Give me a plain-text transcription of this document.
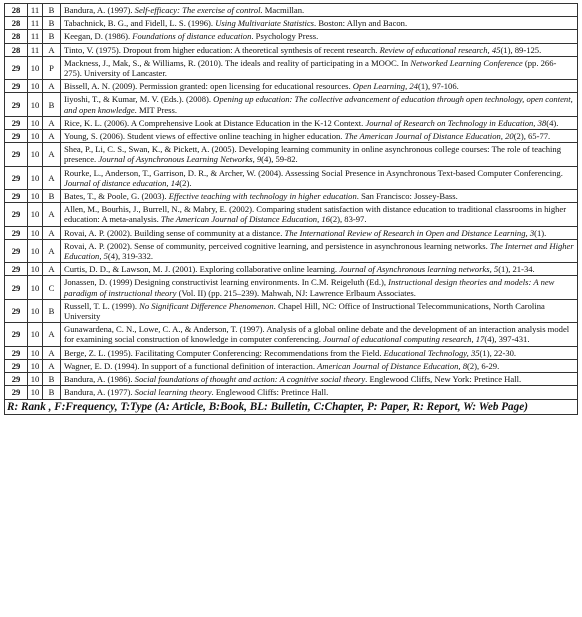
28	11	B	Bandura, A. (1997). Self-efficacy: The exercise of control. Macmillan.
28	11	B	Tabachnick, B. G., and Fidell, L. S. (1996). Using Multivariate Statistics. Boston: Allyn and Bacon.
28	11	B	Keegan, D. (1986). Foundations of distance education. Psychology Press.
28	11	A	Tinto, V. (1975). Dropout from higher education: A theoretical synthesis of recent research. Review of educational research, 45(1), 89-125.
29	10	P	Mackness, J., Mak, S., & Williams, R. (2010). The ideals and reality of participating in a MOOC. In Networked Learning Conference (pp. 266-275). University of Lancaster.
29	10	A	Bissell, A. N. (2009). Permission granted: open licensing for educational resources. Open Learning, 24(1), 97-106.
29	10	B	Iiyoshi, T., & Kumar, M. V. (Eds.). (2008). Opening up education: The collective advancement of education through open technology, open content, and open knowledge. MIT Press.
29	10	A	Rice, K. L. (2006). A Comprehensive Look at Distance Education in the K-12 Context. Journal of Research on Technology in Education, 38(4).
29	10	A	Young, S. (2006). Student views of effective online teaching in higher education. The American Journal of Distance Education, 20(2), 65-77.
29	10	A	Shea, P., Li, C. S., Swan, K., & Pickett, A. (2005). Developing learning community in online asynchronous college courses: The role of teaching presence. Journal of Asynchronous Learning Networks, 9(4), 59-82.
29	10	A	Rourke, L., Anderson, T., Garrison, D. R., & Archer, W. (2004). Assessing Social Presence in Asynchronous Text-based Computer Conferencing. Journal of distance education, 14(2).
29	10	B	Bates, T., & Poole, G. (2003). Effective teaching with technology in higher education. San Francisco: Jossey-Bass.
29	10	A	Allen, M., Bourhis, J., Burrell, N., & Mabry, E. (2002). Comparing student satisfaction with distance education to traditional classrooms in higher education: A meta-analysis. The American Journal of Distance Education, 16(2), 83-97.
29	10	A	Rovai, A. P. (2002). Building sense of community at a distance. The International Review of Research in Open and Distance Learning, 3(1).
29	10	A	Rovai, A. P. (2002). Sense of community, perceived cognitive learning, and persistence in asynchronous learning networks. The Internet and Higher Education, 5(4), 319-332.
29	10	A	Curtis, D. D., & Lawson, M. J. (2001). Exploring collaborative online learning. Journal of Asynchronous learning networks, 5(1), 21-34.
29	10	C	Jonassen, D. (1999) Designing constructivist learning environments. In C.M. Reigeluth (Ed.), Instructional design theories and models: A new paradigm of instructional theory (Vol. II) (pp. 215–239). Mahwah, NJ: Lawrence Erlbaum Associates.
29	10	B	Russell, T. L. (1999). No Significant Difference Phenomenon. Chapel Hill, NC: Office of Instructional Telecommunications, North Carolina University
29	10	A	Gunawardena, C. N., Lowe, C. A., & Anderson, T. (1997). Analysis of a global online debate and the development of an interaction analysis model for examining social construction of knowledge in computer conferencing. Journal of educational computing research, 17(4), 397-431.
29	10	A	Berge, Z. L. (1995). Facilitating Computer Conferencing: Recommendations from the Field. Educational Technology, 35(1), 22-30.
29	10	A	Wagner, E. D. (1994). In support of a functional definition of interaction. American Journal of Distance Education, 8(2), 6-29.
29	10	B	Bandura, A. (1986). Social foundations of thought and action: A cognitive social theory. Englewood Cliffs, New York: Pretince Hall.
29	10	B	Bandura, A. (1977). Social learning theory. Englewood Cliffs: Pretince Hall.
R: Rank , F:Frequency, T:Type (A: Article, B:Book, BL: Bulletin, C:Chapter, P: Paper, R: Report, W: Web Page)
